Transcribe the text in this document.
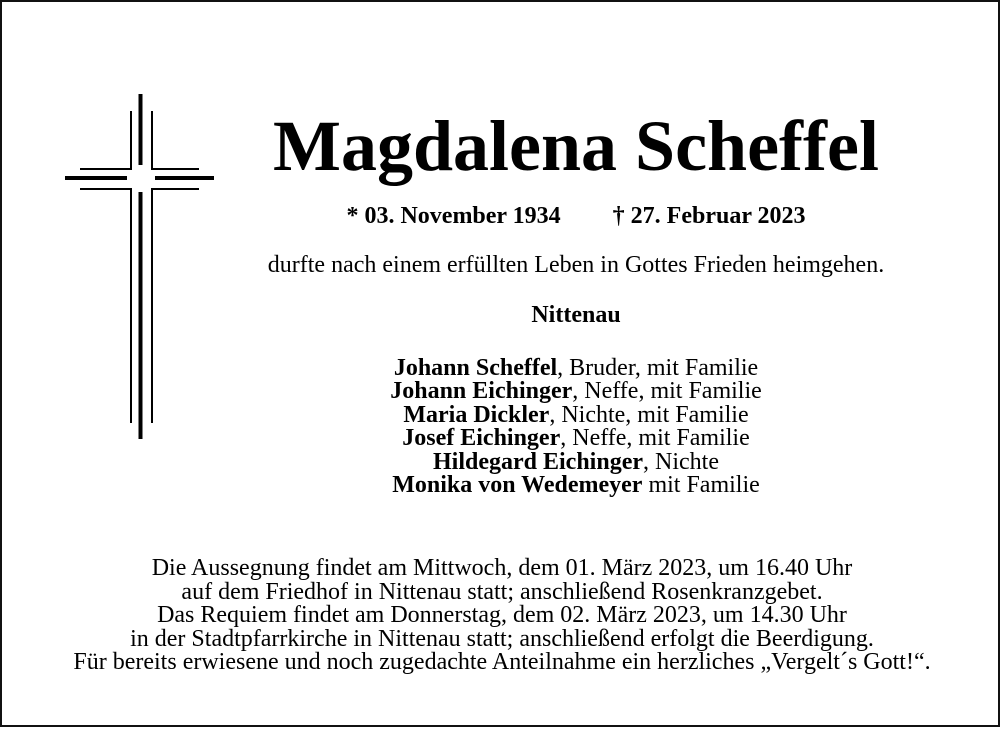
Magdalena Scheffel
* 03. November 1934 † 27. Februar 2023
durfte nach einem erfüllten Leben in Gottes Frieden heimgehen.
Nittenau
Johann Scheffel, Bruder, mit Familie
Johann Eichinger, Neffe, mit Familie
Maria Dickler, Nichte, mit Familie
Josef Eichinger, Neffe, mit Familie
Hildegard Eichinger, Nichte
Monika von Wedemeyer mit Familie
Die Aussegnung findet am Mittwoch, dem 01. März 2023, um 16.40 Uhr
auf dem Friedhof in Nittenau statt; anschließend Rosenkranzgebet.
Das Requiem findet am Donnerstag, dem 02. März 2023, um 14.30 Uhr
in der Stadtpfarrkirche in Nittenau statt; anschließend erfolgt die Beerdigung.
Für bereits erwiesene und noch zugedachte Anteilnahme ein herzliches „Vergelt´s Gott!“.
